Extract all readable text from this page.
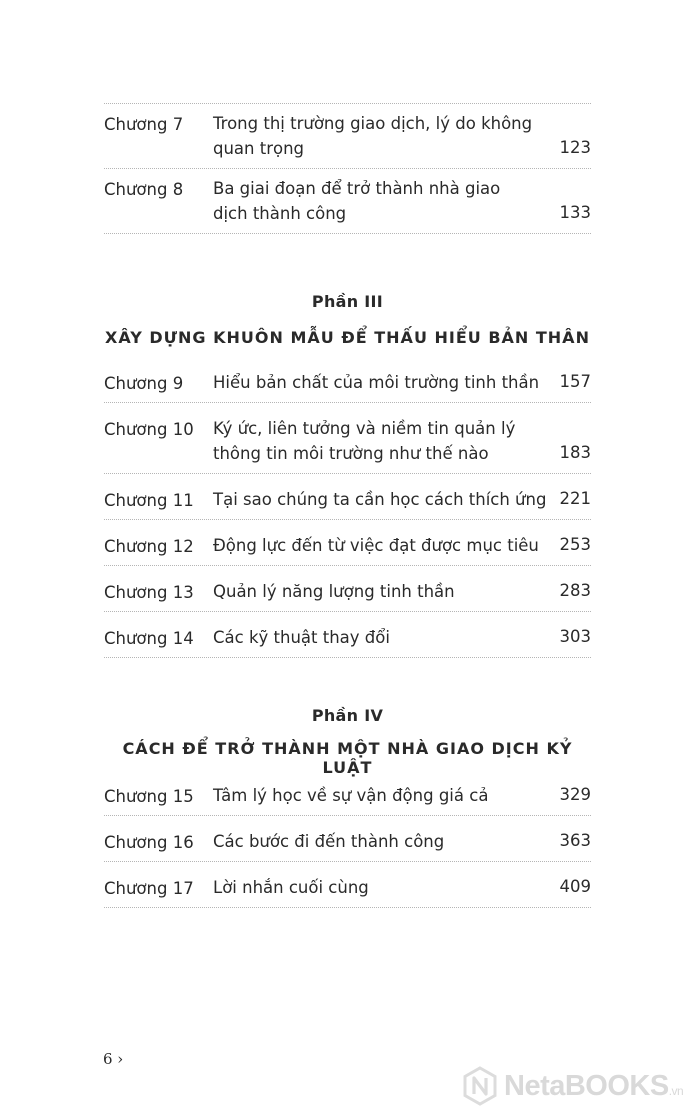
Chương 7	Trong thị trường giao dịch, lý do không
quan trọng	123
Chương 8	Ba giai đoạn để trở thành nhà giao
dịch thành công	133
Phần III
XÂY DỰNG KHUÔN MẪU ĐỂ THẤU HIỂU BẢN THÂN
Chương 9	Hiểu bản chất của môi trường tinh thần 157
Chương 10	Ký ức, liên tưởng và niềm tin quản lý
thông tin môi trường như thế nào	183
Chương 11	Tại sao chúng ta cần học cách thích ứng 221
Chương 12	Động lực đến từ việc đạt được mục tiêu 253
Chương 13	Quản lý năng lượng tinh thần	283
Chương 14	Các kỹ thuật thay đổi	303
Phần IV
CÁCH ĐỂ TRỞ THÀNH MỘT NHÀ GIAO DỊCH KỶ LUẬT
Chương 15	Tâm lý học về sự vận động giá cả	329
Chương 16	Các bước đi đến thành công	363
Chương 17	Lời nhắn cuối cùng	409
6 ›
NetaBOOKS.vn
